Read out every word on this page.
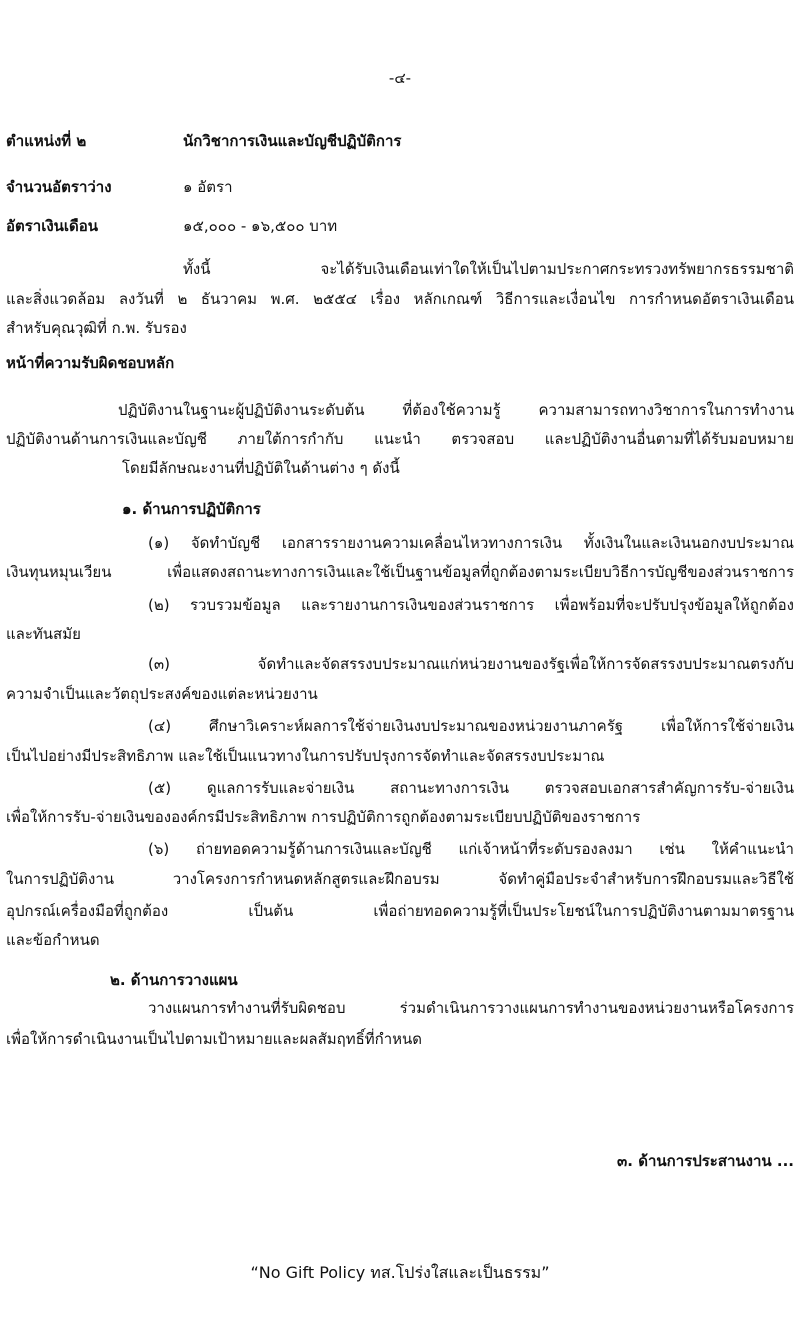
-๔-
ตำแหน่งที่ ๒	นักวิชาการเงินและบัญชีปฏิบัติการ
จำนวนอัตราว่าง	๑ อัตรา
อัตราเงินเดือน	๑๕,๐๐๐ - ๑๖,๕๐๐ บาท
ทั้งนี้ จะได้รับเงินเดือนเท่าใดให้เป็นไปตามประกาศกระทรวงทรัพยากรธรรมชาติ
และสิ่งแวดล้อม ลงวันที่ ๒ ธันวาคม พ.ศ. ๒๕๕๔ เรื่อง หลักเกณฑ์ วิธีการและเงื่อนไข การกำหนดอัตราเงินเดือน
สำหรับคุณวุฒิที่ ก.พ. รับรอง
หน้าที่ความรับผิดชอบหลัก
ปฏิบัติงานในฐานะผู้ปฏิบัติงานระดับต้น ที่ต้องใช้ความรู้ ความสามารถทางวิชาการในการทำงาน
ปฏิบัติงานด้านการเงินและบัญชี ภายใต้การกำกับ แนะนำ ตรวจสอบ และปฏิบัติงานอื่นตามที่ได้รับมอบหมาย
โดยมีลักษณะงานที่ปฏิบัติในด้านต่าง ๆ ดังนี้
๑. ด้านการปฏิบัติการ
(๑) จัดทำบัญชี เอกสารรายงานความเคลื่อนไหวทางการเงิน ทั้งเงินในและเงินนอกงบประมาณ
เงินทุนหมุนเวียน เพื่อแสดงสถานะทางการเงินและใช้เป็นฐานข้อมูลที่ถูกต้องตามระเบียบวิธีการบัญชีของส่วนราชการ
(๒) รวบรวมข้อมูล และรายงานการเงินของส่วนราชการ เพื่อพร้อมที่จะปรับปรุงข้อมูลให้ถูกต้อง
และทันสมัย
(๓) จัดทำและจัดสรรงบประมาณแก่หน่วยงานของรัฐเพื่อให้การจัดสรรงบประมาณตรงกับ
ความจำเป็นและวัตถุประสงค์ของแต่ละหน่วยงาน
(๔) ศึกษาวิเคราะห์ผลการใช้จ่ายเงินงบประมาณของหน่วยงานภาครัฐ เพื่อให้การใช้จ่ายเงิน
เป็นไปอย่างมีประสิทธิภาพ และใช้เป็นแนวทางในการปรับปรุงการจัดทำและจัดสรรงบประมาณ
(๕) ดูแลการรับและจ่ายเงิน สถานะทางการเงิน ตรวจสอบเอกสารสำคัญการรับ-จ่ายเงิน
เพื่อให้การรับ-จ่ายเงินขององค์กรมีประสิทธิภาพ การปฏิบัติการถูกต้องตามระเบียบปฏิบัติของราชการ
(๖) ถ่ายทอดความรู้ด้านการเงินและบัญชี แก่เจ้าหน้าที่ระดับรองลงมา เช่น ให้คำแนะนำ
ในการปฏิบัติงาน วางโครงการกำหนดหลักสูตรและฝึกอบรม จัดทำคู่มือประจำสำหรับการฝึกอบรมและวิธีใช้
อุปกรณ์เครื่องมือที่ถูกต้อง เป็นต้น เพื่อถ่ายทอดความรู้ที่เป็นประโยชน์ในการปฏิบัติงานตามมาตรฐาน
และข้อกำหนด
๒. ด้านการวางแผน
วางแผนการทำงานที่รับผิดชอบ ร่วมดำเนินการวางแผนการทำงานของหน่วยงานหรือโครงการ
เพื่อให้การดำเนินงานเป็นไปตามเป้าหมายและผลสัมฤทธิ์ที่กำหนด
๓. ด้านการประสานงาน ...
“No Gift Policy ทส.โปร่งใสและเป็นธรรม”
